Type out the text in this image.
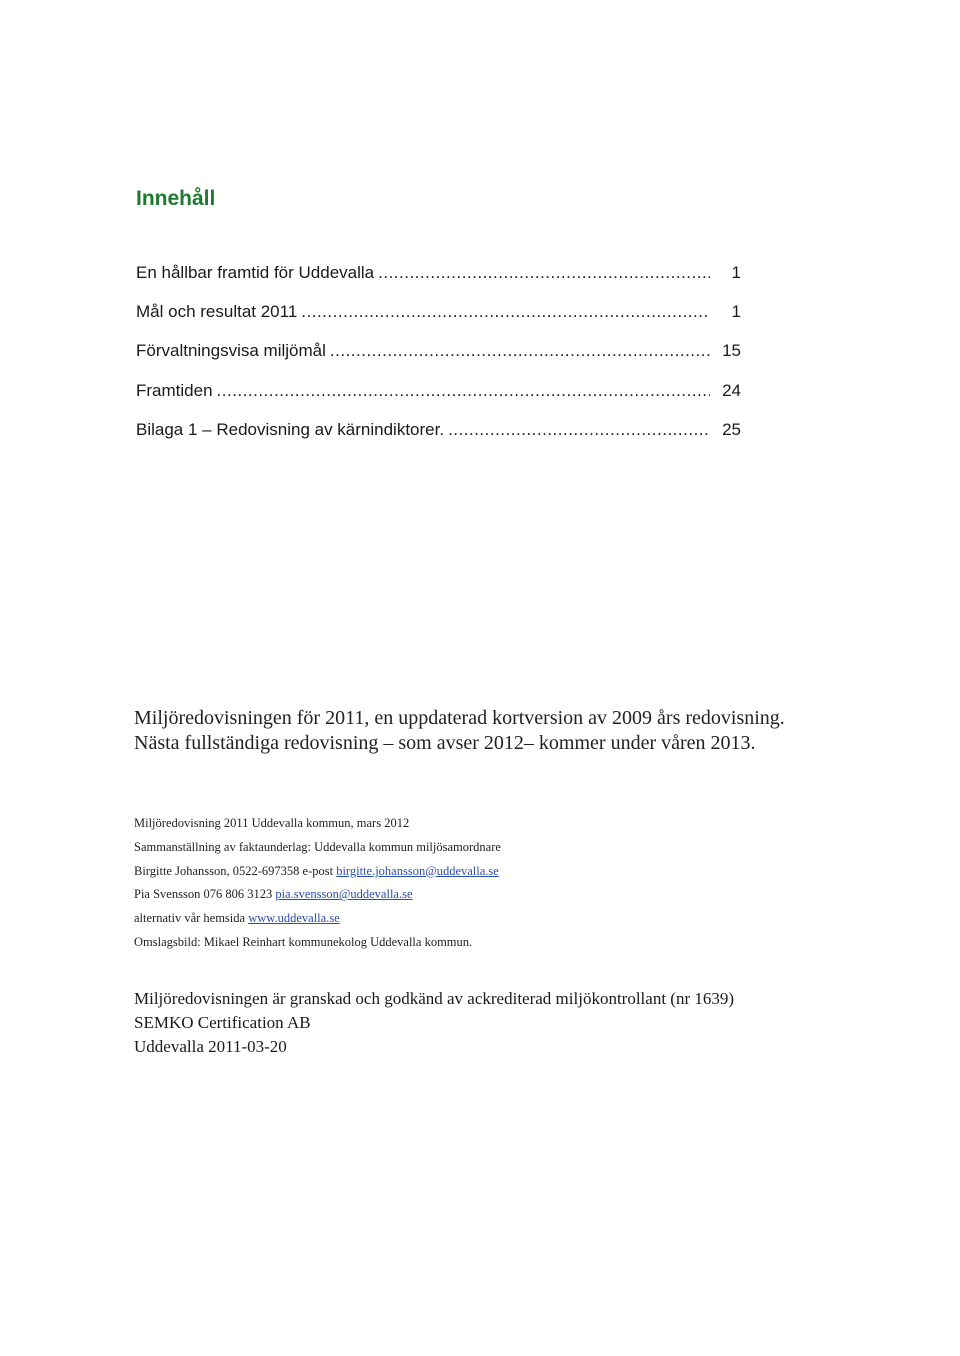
Innehåll
En hållbar framtid för Uddevalla .....	1
Mål och resultat 2011 .....	1
Förvaltningsvisa miljömål .....	15
Framtiden .....	24
Bilaga 1 – Redovisning av kärnindiktorer. .....	25

Miljöredovisningen för 2011, en uppdaterad kortversion av 2009 års redovisning. Nästa fullständiga redovisning – som avser 2012– kommer under våren 2013.

Miljöredovisning 2011 Uddevalla kommun, mars 2012
Sammanställning av faktaunderlag: Uddevalla kommun miljösamordnare
Birgitte Johansson, 0522-697358 e-post birgitte.johansson@uddevalla.se
Pia Svensson 076 806 3123 pia.svensson@uddevalla.se
alternativ vår hemsida www.uddevalla.se
Omslagsbild: Mikael Reinhart kommunekolog Uddevalla kommun.
Miljöredovisningen är granskad och godkänd av ackrediterad miljökontrollant (nr 1639)
SEMKO Certification AB
Uddevalla 2011-03-20
